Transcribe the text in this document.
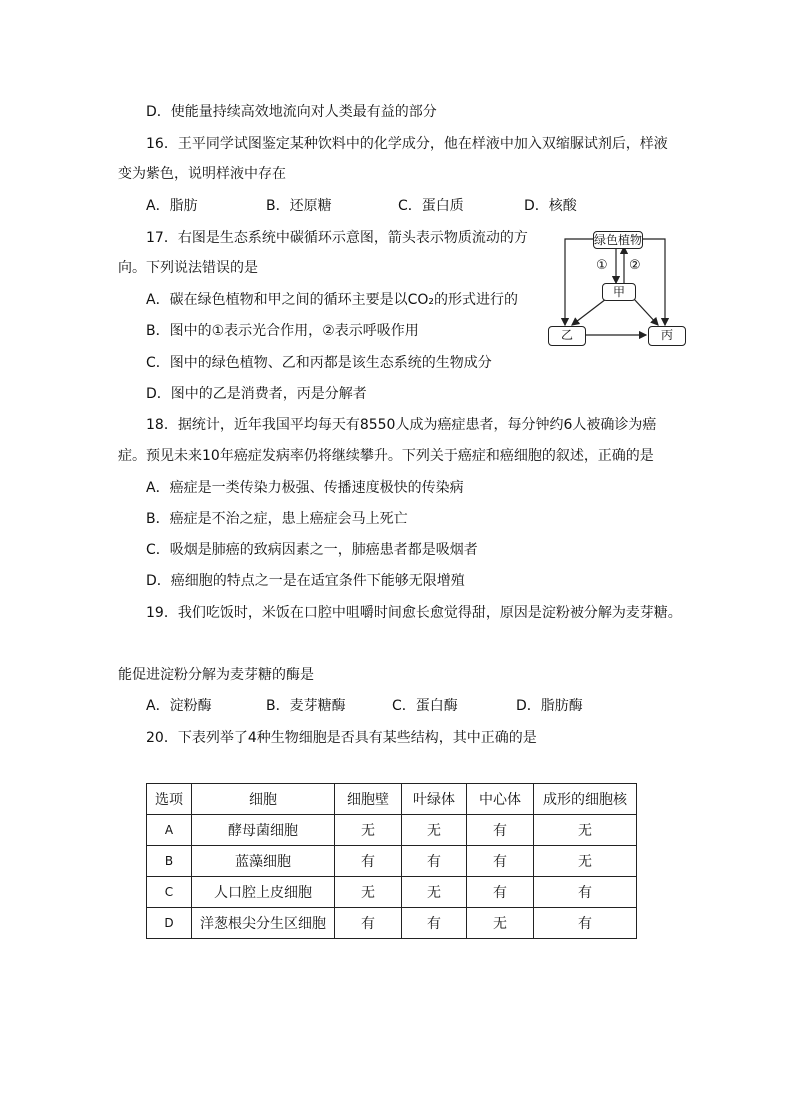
D．使能量持续高效地流向对人类最有益的部分
16．王平同学试图鉴定某种饮料中的化学成分，他在样液中加入双缩脲试剂后，样液
变为紫色，说明样液中存在
A．脂肪	B．还原糖	C．蛋白质	D．核酸
17．右图是生态系统中碳循环示意图，箭头表示物质流动的方
向。下列说法错误的是
A．碳在绿色植物和甲之间的循环主要是以CO₂的形式进行的
B．图中的①表示光合作用，②表示呼吸作用
C．图中的绿色植物、乙和丙都是该生态系统的生物成分
D．图中的乙是消费者，丙是分解者
绿色植物
甲
乙	丙
① ②
18．据统计，近年我国平均每天有8550人成为癌症患者，每分钟约6人被确诊为癌
症。预见未来10年癌症发病率仍将继续攀升。下列关于癌症和癌细胞的叙述，正确的是
A．癌症是一类传染力极强、传播速度极快的传染病
B．癌症是不治之症，患上癌症会马上死亡
C．吸烟是肺癌的致病因素之一，肺癌患者都是吸烟者
D．癌细胞的特点之一是在适宜条件下能够无限增殖
19．我们吃饭时，米饭在口腔中咀嚼时间愈长愈觉得甜，原因是淀粉被分解为麦芽糖。
能促进淀粉分解为麦芽糖的酶是
A．淀粉酶	B．麦芽糖酶	C．蛋白酶	D．脂肪酶
20．下表列举了4种生物细胞是否具有某些结构，其中正确的是
选项	细胞	细胞壁	叶绿体	中心体	成形的细胞核
A	酵母菌细胞	无	无	有	无
B	蓝藻细胞	有	有	有	无
C	人口腔上皮细胞	无	无	有	有
D	洋葱根尖分生区细胞	有	有	无	有
